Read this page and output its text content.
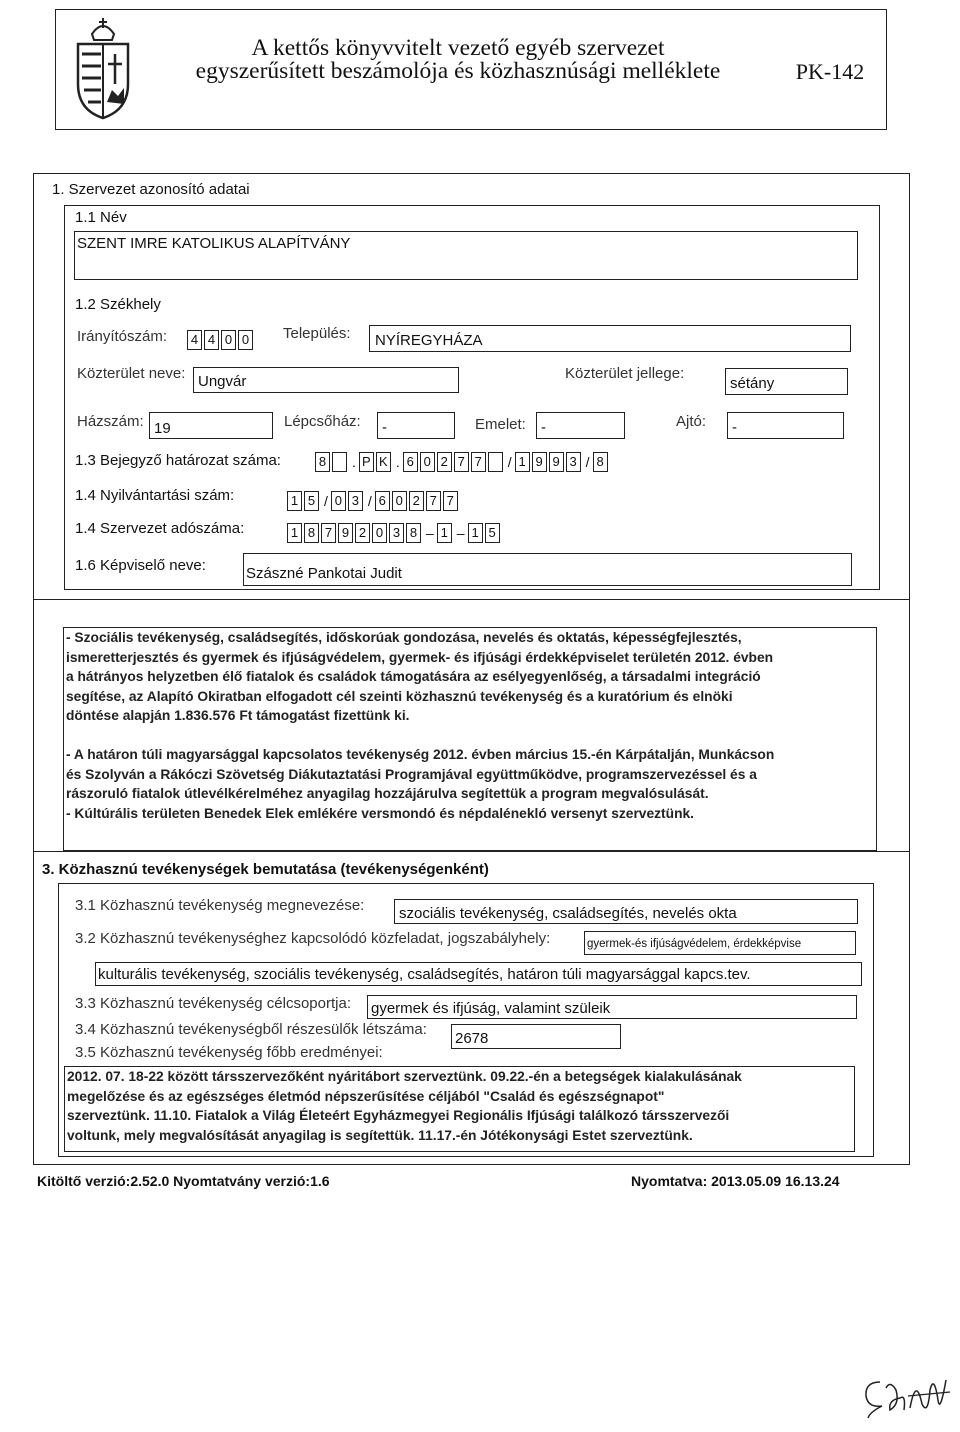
A kettős könyvvitelt vezető egyéb szervezet
egyszerűsített beszámolója és közhasznúsági melléklete	PK-142
1. Szervezet azonosító adatai
1.1 Név
SZENT IMRE KATOLIKUS ALAPÍTVÁNY
1.2 Székhely
Irányítószám: 4 4 0 0	Település: NYÍREGYHÁZA
Közterület neve: Ungvár	Közterület jellege:
sétány
Házszám: 19	Lépcsőház: -	Emelet: -	Ajtó: -
1.3 Bejegyző határozat száma:	8 . P K . 6 0 2 7 7 / 1 9 9 3 / 8
1.4 Nyilvántartási szám:	1 5 / 0 3 / 6 0 2 7 7
1.4 Szervezet adószáma:	1 8 7 9 2 0 3 8 – 1 – 1 5
1.6 Képviselő neve:	Szászné Pankotai Judit
- Szociális tevékenység, családsegítés, időskorúak gondozása, nevelés és oktatás, képességfejlesztés,
ismeretterjesztés és gyermek és ifjúságvédelem, gyermek- és ifjúsági érdekképviselet területén 2012. évben
a hátrányos helyzetben élő fiatalok és családok támogatására az esélyegyenlőség, a társadalmi integráció
segítése, az Alapító Okiratban elfogadott cél szeinti közhasznú tevékenység és a kuratórium és elnöki
döntése alapján 1.836.576 Ft támogatást fizettünk ki.
- A határon túli magyarsággal kapcsolatos tevékenység 2012. évben március 15.-én Kárpátalján, Munkácson
és Szolyván a Rákóczi Szövetség Diákutaztatási Programjával együttműködve, programszervezéssel és a
rászoruló fiatalok útlevélkérelméhez anyagilag hozzájárulva segítettük a program megvalósulását.
- Kúltúrális területen Benedek Elek emlékére versmondó és népdalénekló versenyt szerveztünk.
3. Közhasznú tevékenységek bemutatása (tevékenységenként)
3.1 Közhasznú tevékenység megnevezése: szociális tevékenység, családsegítés, nevelés okta
3.2 Közhasznú tevékenységhez kapcsolódó közfeladat, jogszabályhely:	gyermek-és ifjúságvédelem, érdekképvise
kulturális tevékenység, szociális tevékenység, családsegítés, határon túli magyarsággal kapcs.tev.
3.3 Közhasznú tevékenység célcsoportja: gyermek és ifjúság, valamint szüleik
3.4 Közhasznú tevékenységből részesülők létszáma:
2678
3.5 Közhasznú tevékenység főbb eredményei:
2012. 07. 18-22 között társszervezőként nyáritábort szerveztünk. 09.22.-én a betegségek kialakulásának
megelőzése és az egészséges életmód népszerűsítése céljából "Család és egészségnapot"
szerveztünk. 11.10. Fiatalok a Világ Életeért Egyházmegyei Regionális Ifjúsági találkozó társszervezői
voltunk, mely megvalósítását anyagilag is segítettük. 11.17.-én Jótékonysági Estet szerveztünk.
Kitöltő verzió:2.52.0 Nyomtatvány verzió:1.6	Nyomtatva: 2013.05.09 16.13.24
